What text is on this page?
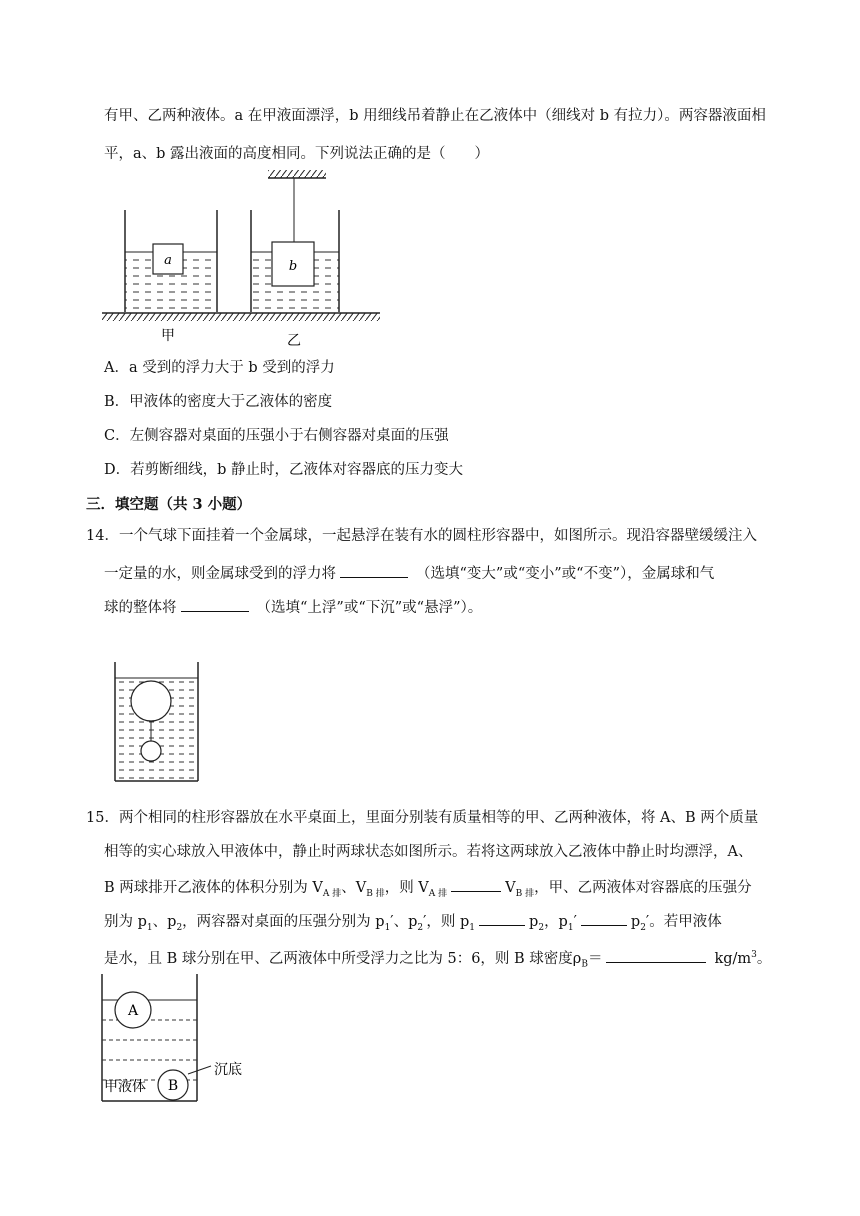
有甲、乙两种液体。a 在甲液面漂浮，b 用细线吊着静止在乙液体中（细线对 b 有拉力）。两容器液面相
平，a、b 露出液面的高度相同。下列说法正确的是（　　）
a	b
甲	乙
A．a 受到的浮力大于 b 受到的浮力
B．甲液体的密度大于乙液体的密度
C．左侧容器对桌面的压强小于右侧容器对桌面的压强
D．若剪断细线，b 静止时，乙液体对容器底的压力变大
三．填空题（共 3 小题）
14．一个气球下面挂着一个金属球，一起悬浮在装有水的圆柱形容器中，如图所示。现沿容器壁缓缓注入
一定量的水，则金属球受到的浮力将	（选填“变大”或“变小”或“不变”），金属球和气
球的整体将	（选填“上浮”或“下沉”或“悬浮”）。
15．两个相同的柱形容器放在水平桌面上，里面分别装有质量相等的甲、乙两种液体，将 A、B 两个质量
相等的实心球放入甲液体中，静止时两球状态如图所示。若将这两球放入乙液体中静止时均漂浮，A、
B 两球排开乙液体的体积分别为 $V_{A 排}$、$V_{B 排}$，则 $V_{A 排}$	$V_{B 排}$，甲、乙两液体对容器底的压强分
别为 $p_1$、$p_2$，两容器对桌面的压强分别为 $p_1'$、$p_2'$，则 $p_1$	$p_2$，$p_1'$	$p_2'$。若甲液体
是水，且 B 球分别在甲、乙两液体中所受浮力之比为 5：6，则 B 球密度$\rho_B=$	$kg/m^3$。
A
B
甲液体
沉底
